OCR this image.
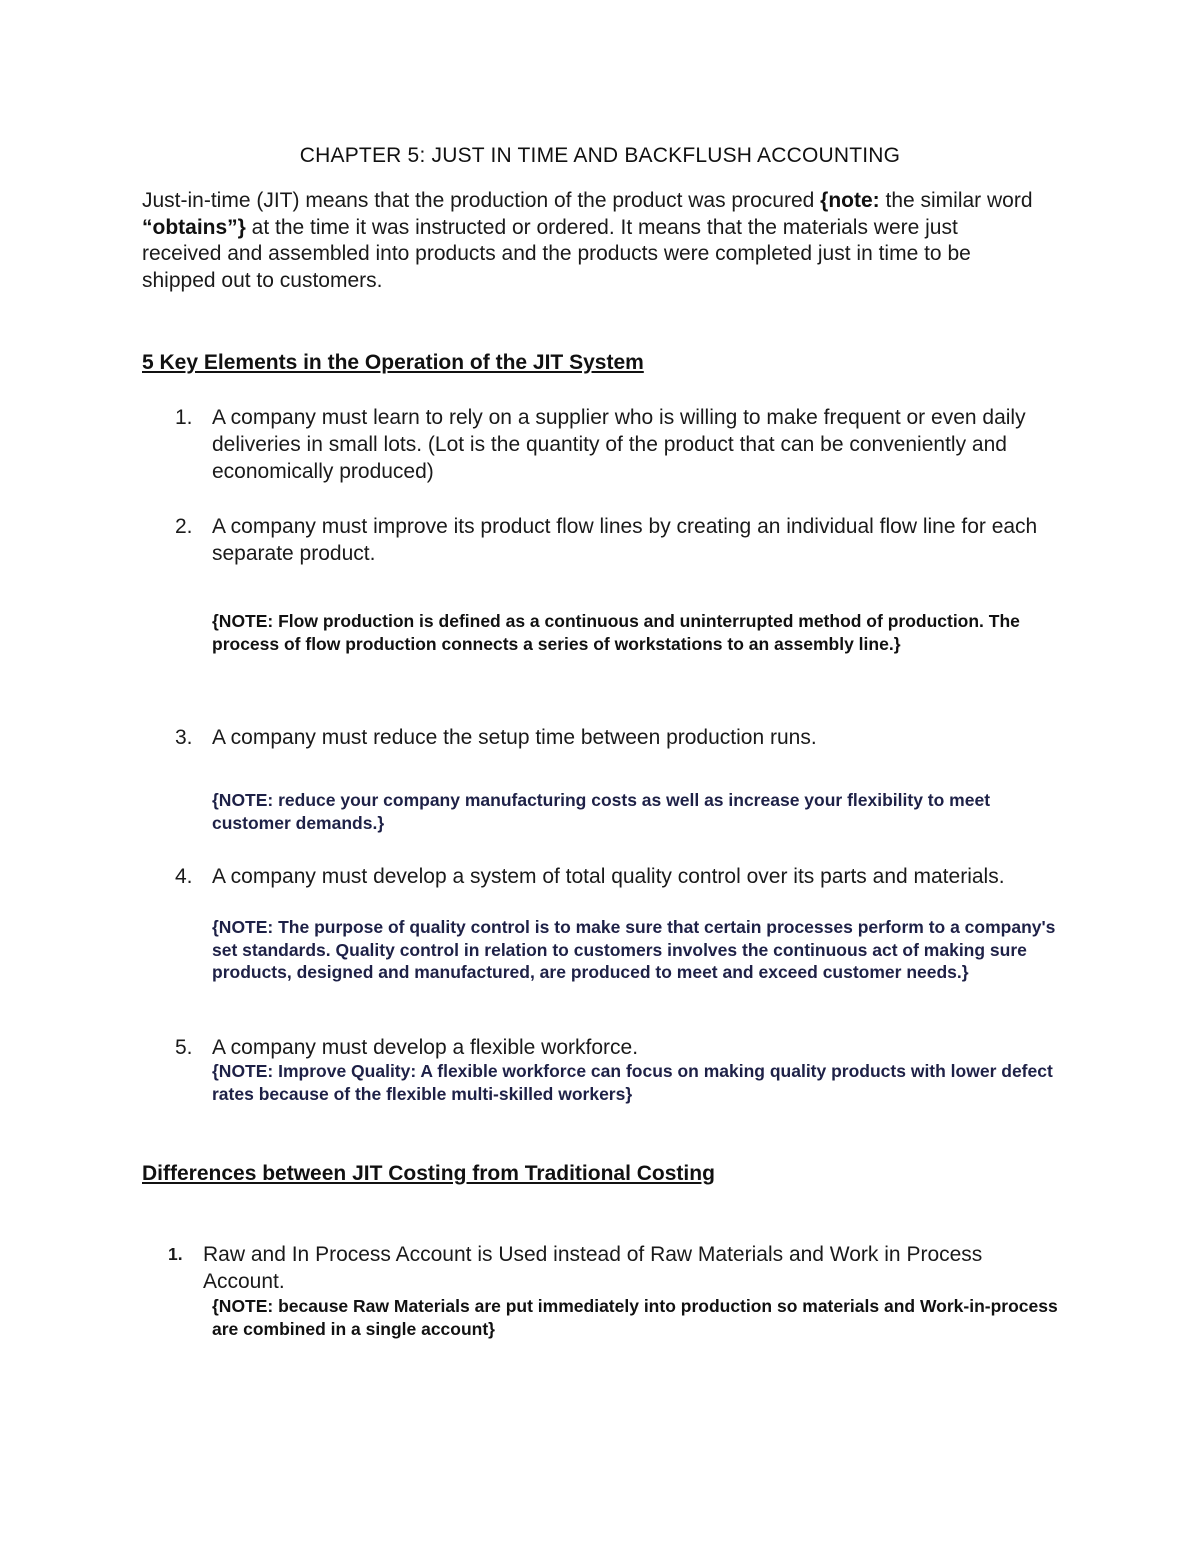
CHAPTER 5: JUST IN TIME AND BACKFLUSH ACCOUNTING
Just-in-time (JIT) means that the production of the product was procured {note: the similar word “obtains”} at the time it was instructed or ordered. It means that the materials were just received and assembled into products and the products were completed just in time to be shipped out to customers.
5 Key Elements in the Operation of the JIT System
1. A company must learn to rely on a supplier who is willing to make frequent or even daily deliveries in small lots. (Lot is the quantity of the product that can be conveniently and economically produced)
2. A company must improve its product flow lines by creating an individual flow line for each separate product.
{NOTE: Flow production is defined as a continuous and uninterrupted method of production. The process of flow production connects a series of workstations to an assembly line.}
3. A company must reduce the setup time between production runs.
{NOTE: reduce your company manufacturing costs as well as increase your flexibility to meet customer demands.}
4. A company must develop a system of total quality control over its parts and materials.
{NOTE: The purpose of quality control is to make sure that certain processes perform to a company's set standards. Quality control in relation to customers involves the continuous act of making sure products, designed and manufactured, are produced to meet and exceed customer needs.}
5. A company must develop a flexible workforce.
{NOTE: Improve Quality: A flexible workforce can focus on making quality products with lower defect rates because of the flexible multi-skilled workers}
Differences between JIT Costing from Traditional Costing
1. Raw and In Process Account is Used instead of Raw Materials and Work in Process Account.
{NOTE: because Raw Materials are put immediately into production so materials and Work-in-process are combined in a single account}
